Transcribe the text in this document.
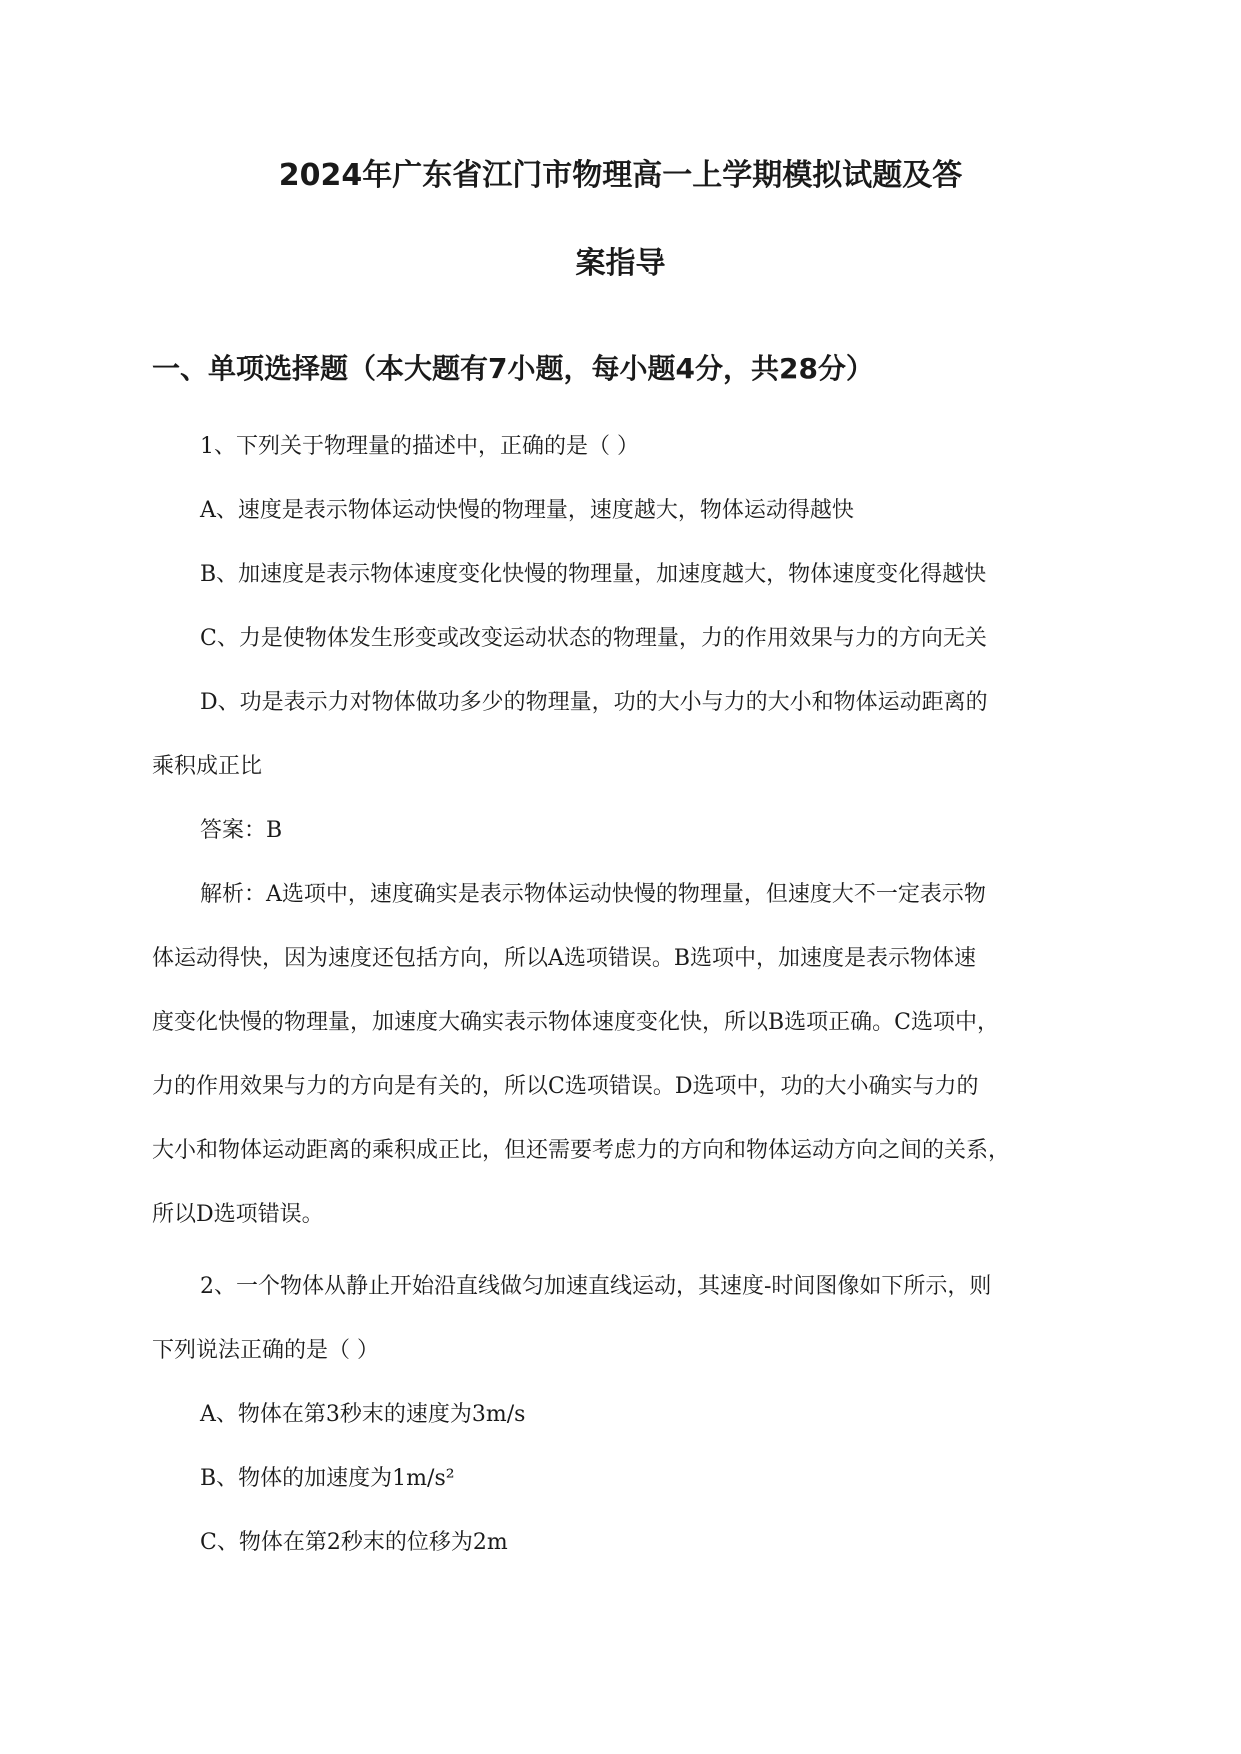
2024年广东省江门市物理高一上学期模拟试题及答
案指导
一、单项选择题（本大题有7小题，每小题4分，共28分）
1、下列关于物理量的描述中，正确的是（ ）
A、速度是表示物体运动快慢的物理量，速度越大，物体运动得越快
B、加速度是表示物体速度变化快慢的物理量，加速度越大，物体速度变化得越快
C、力是使物体发生形变或改变运动状态的物理量，力的作用效果与力的方向无关
D、功是表示力对物体做功多少的物理量，功的大小与力的大小和物体运动距离的
乘积成正比
答案：B
解析：A选项中，速度确实是表示物体运动快慢的物理量，但速度大不一定表示物
体运动得快，因为速度还包括方向，所以A选项错误。B选项中，加速度是表示物体速
度变化快慢的物理量，加速度大确实表示物体速度变化快，所以B选项正确。C选项中，
力的作用效果与力的方向是有关的，所以C选项错误。D选项中，功的大小确实与力的
大小和物体运动距离的乘积成正比，但还需要考虑力的方向和物体运动方向之间的关系，
所以D选项错误。
2、一个物体从静止开始沿直线做匀加速直线运动，其速度-时间图像如下所示，则
下列说法正确的是（ ）
A、物体在第3秒末的速度为3m/s
B、物体的加速度为1m/s²
C、物体在第2秒末的位移为2m
